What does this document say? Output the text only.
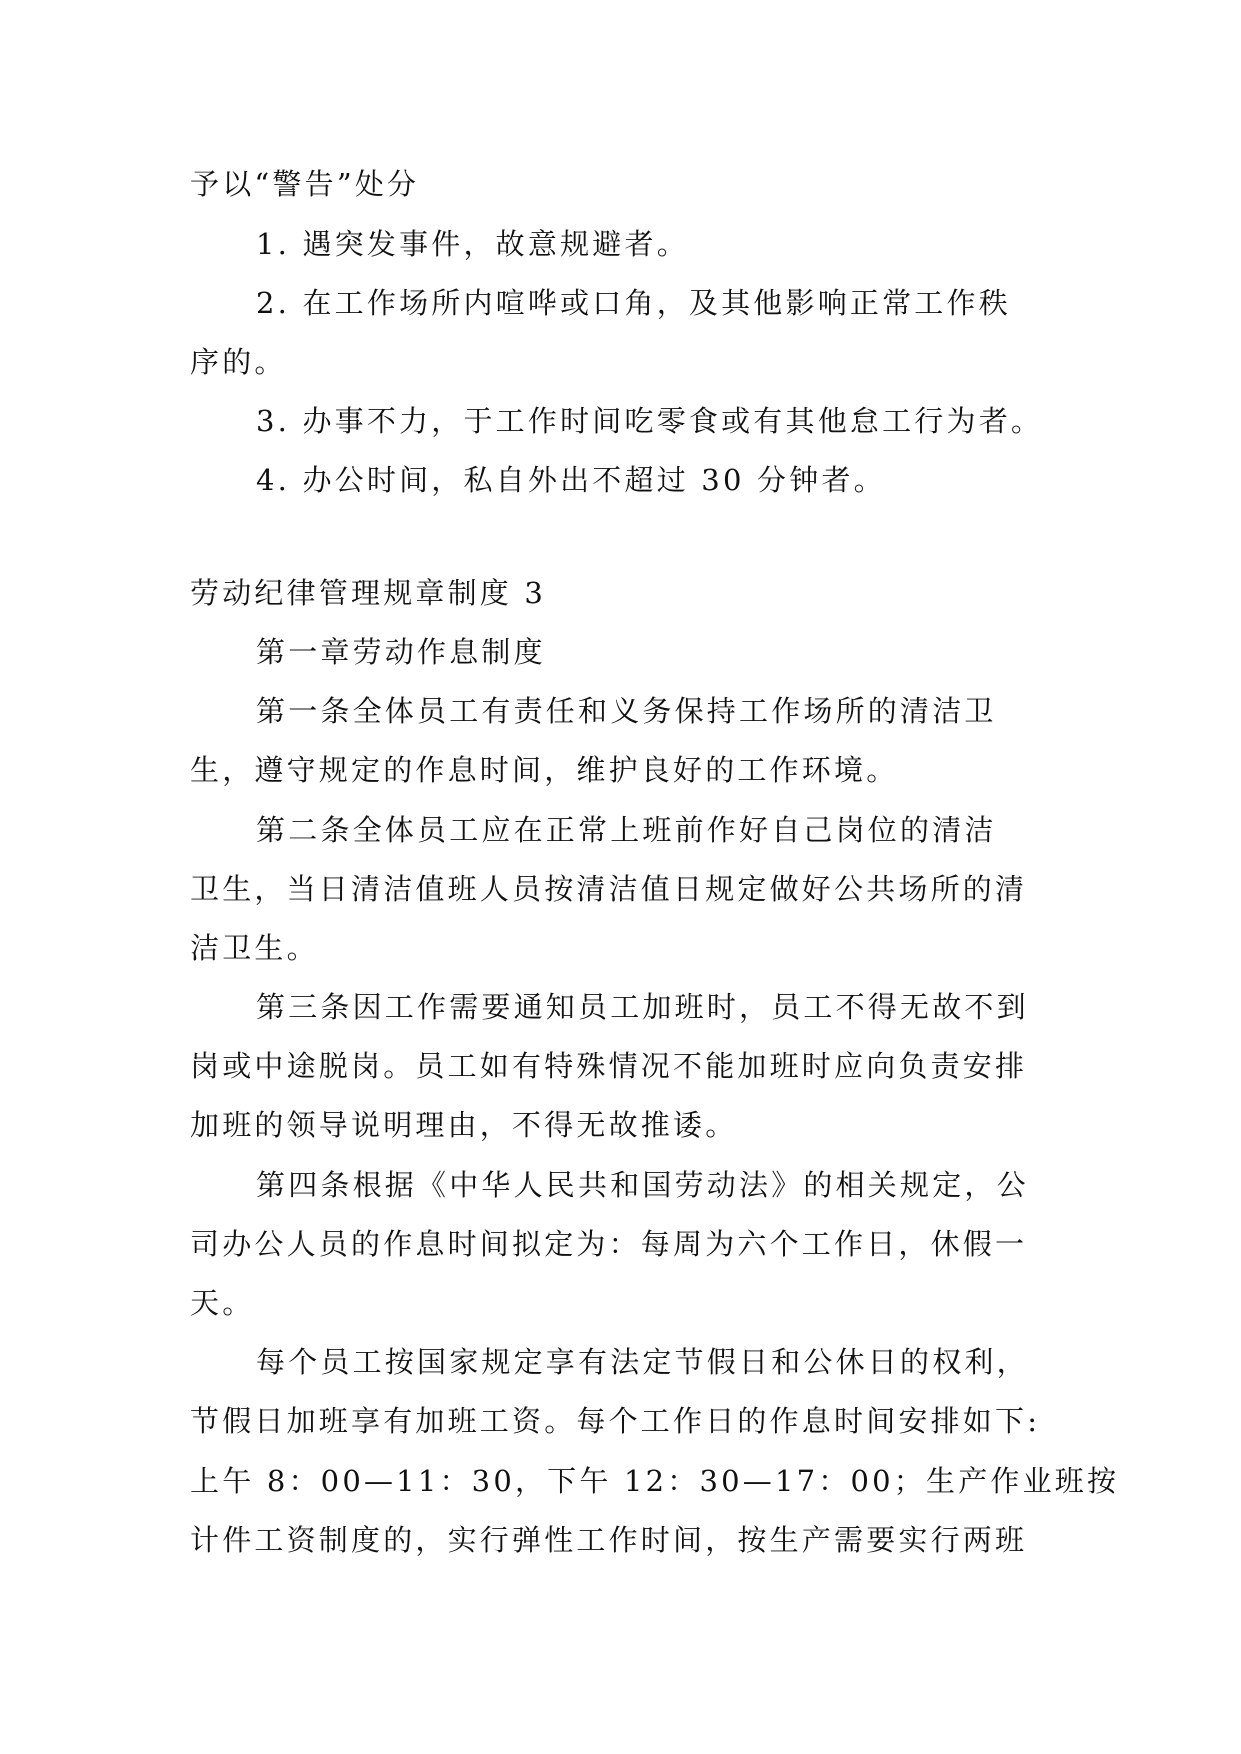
予以“警告”处分
1. 遇突发事件，故意规避者。
2. 在工作场所内喧哗或口角，及其他影响正常工作秩
序的。
3. 办事不力，于工作时间吃零食或有其他怠工行为者。
4. 办公时间，私自外出不超过 30 分钟者。
劳动纪律管理规章制度 3
第一章劳动作息制度
第一条全体员工有责任和义务保持工作场所的清洁卫
生，遵守规定的作息时间，维护良好的工作环境。
第二条全体员工应在正常上班前作好自己岗位的清洁
卫生，当日清洁值班人员按清洁值日规定做好公共场所的清
洁卫生。
第三条因工作需要通知员工加班时，员工不得无故不到
岗或中途脱岗。员工如有特殊情况不能加班时应向负责安排
加班的领导说明理由，不得无故推诿。
第四条根据《中华人民共和国劳动法》的相关规定，公
司办公人员的作息时间拟定为：每周为六个工作日，休假一
天。
每个员工按国家规定享有法定节假日和公休日的权利，
节假日加班享有加班工资。每个工作日的作息时间安排如下:
上午 8：00—11：30，下午 12：30—17：00；生产作业班按
计件工资制度的，实行弹性工作时间，按生产需要实行两班
